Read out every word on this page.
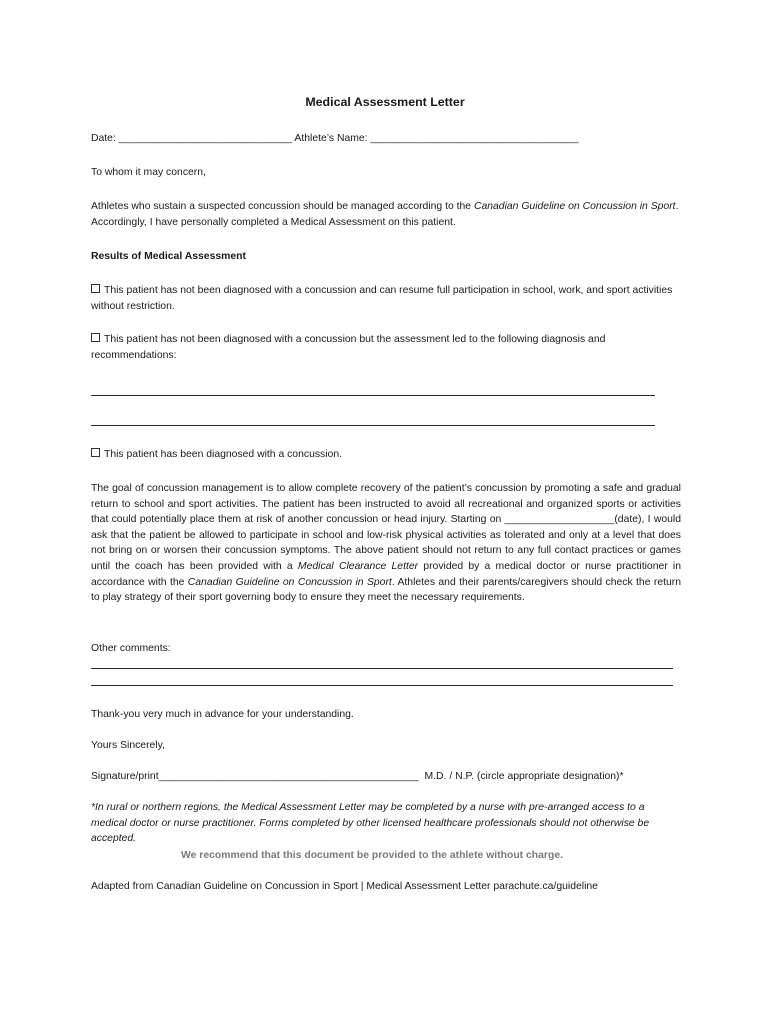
Medical Assessment Letter
Date: ______________________________ Athlete’s Name: ____________________________________
To whom it may concern,
Athletes who sustain a suspected concussion should be managed according to the Canadian Guideline on Concussion in Sport. Accordingly, I have personally completed a Medical Assessment on this patient.
Results of Medical Assessment
This patient has not been diagnosed with a concussion and can resume full participation in school, work, and sport activities without restriction.
This patient has not been diagnosed with a concussion but the assessment led to the following diagnosis and recommendations:
This patient has been diagnosed with a concussion.
The goal of concussion management is to allow complete recovery of the patient’s concussion by promoting a safe and gradual return to school and sport activities. The patient has been instructed to avoid all recreational and organized sports or activities that could potentially place them at risk of another concussion or head injury. Starting on ___________________(date), I would ask that the patient be allowed to participate in school and low-risk physical activities as tolerated and only at a level that does not bring on or worsen their concussion symptoms. The above patient should not return to any full contact practices or games until the coach has been provided with a Medical Clearance Letter provided by a medical doctor or nurse practitioner in accordance with the Canadian Guideline on Concussion in Sport. Athletes and their parents/caregivers should check the return to play strategy of their sport governing body to ensure they meet the necessary requirements.
Other comments:
Thank-you very much in advance for your understanding.
Yours Sincerely,
Signature/print_____________________________________________ M.D. / N.P. (circle appropriate designation)*
*In rural or northern regions, the Medical Assessment Letter may be completed by a nurse with pre-arranged access to a medical doctor or nurse practitioner. Forms completed by other licensed healthcare professionals should not otherwise be accepted.
We recommend that this document be provided to the athlete without charge.
Adapted from Canadian Guideline on Concussion in Sport | Medical Assessment Letter parachute.ca/guideline
